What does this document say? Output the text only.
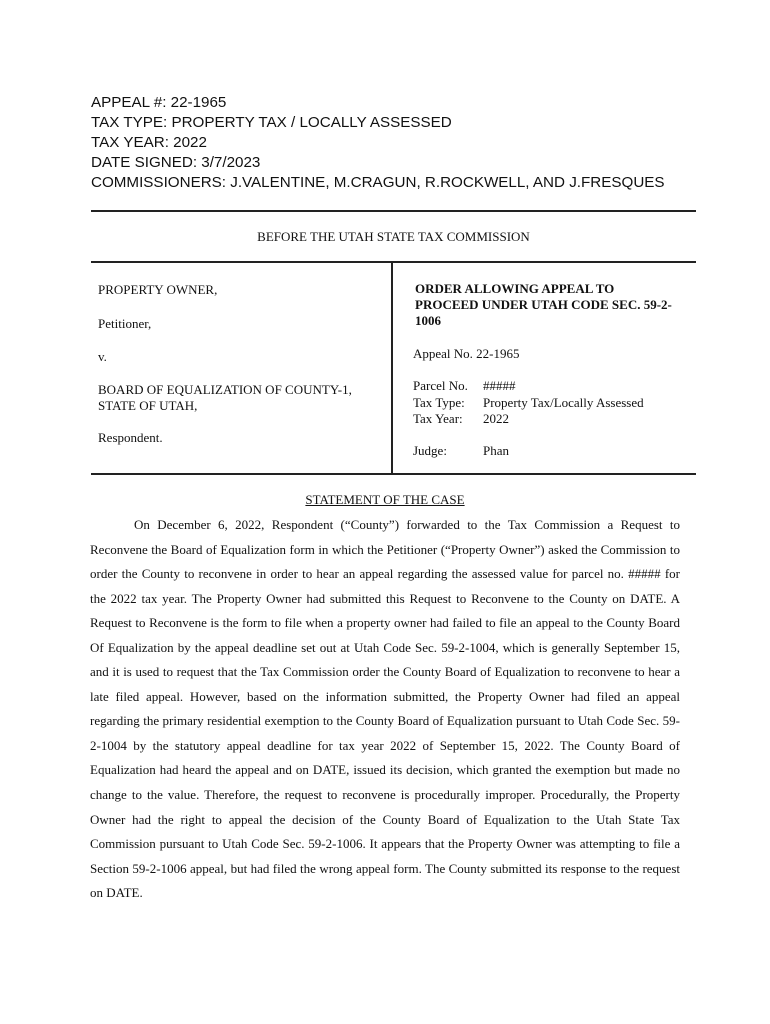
APPEAL #: 22-1965
TAX TYPE: PROPERTY TAX / LOCALLY ASSESSED
TAX YEAR: 2022
DATE SIGNED: 3/7/2023
COMMISSIONERS: J.VALENTINE, M.CRAGUN, R.ROCKWELL, AND J.FRESQUES
BEFORE THE UTAH STATE TAX COMMISSION
PROPERTY OWNER,
Petitioner,
v.
BOARD OF EQUALIZATION OF COUNTY-1,
STATE OF UTAH,
Respondent.
ORDER ALLOWING APPEAL TO PROCEED UNDER UTAH CODE SEC. 59-2-1006
Appeal No. 22-1965
Parcel No. #####
Tax Type: Property Tax/Locally Assessed
Tax Year: 2022
Judge:	Phan
STATEMENT OF THE CASE
On December 6, 2022, Respondent (“County”) forwarded to the Tax Commission a Request to Reconvene the Board of Equalization form in which the Petitioner (“Property Owner”) asked the Commission to order the County to reconvene in order to hear an appeal regarding the assessed value for parcel no. ##### for the 2022 tax year. The Property Owner had submitted this Request to Reconvene to the County on DATE. A Request to Reconvene is the form to file when a property owner had failed to file an appeal to the County Board Of Equalization by the appeal deadline set out at Utah Code Sec. 59-2-1004, which is generally September 15, and it is used to request that the Tax Commission order the County Board of Equalization to reconvene to hear a late filed appeal. However, based on the information submitted, the Property Owner had filed an appeal regarding the primary residential exemption to the County Board of Equalization pursuant to Utah Code Sec. 59-2-1004 by the statutory appeal deadline for tax year 2022 of September 15, 2022. The County Board of Equalization had heard the appeal and on DATE, issued its decision, which granted the exemption but made no change to the value. Therefore, the request to reconvene is procedurally improper. Procedurally, the Property Owner had the right to appeal the decision of the County Board of Equalization to the Utah State Tax Commission pursuant to Utah Code Sec. 59-2-1006. It appears that the Property Owner was attempting to file a Section 59-2-1006 appeal, but had filed the wrong appeal form. The County submitted its response to the request on DATE.
